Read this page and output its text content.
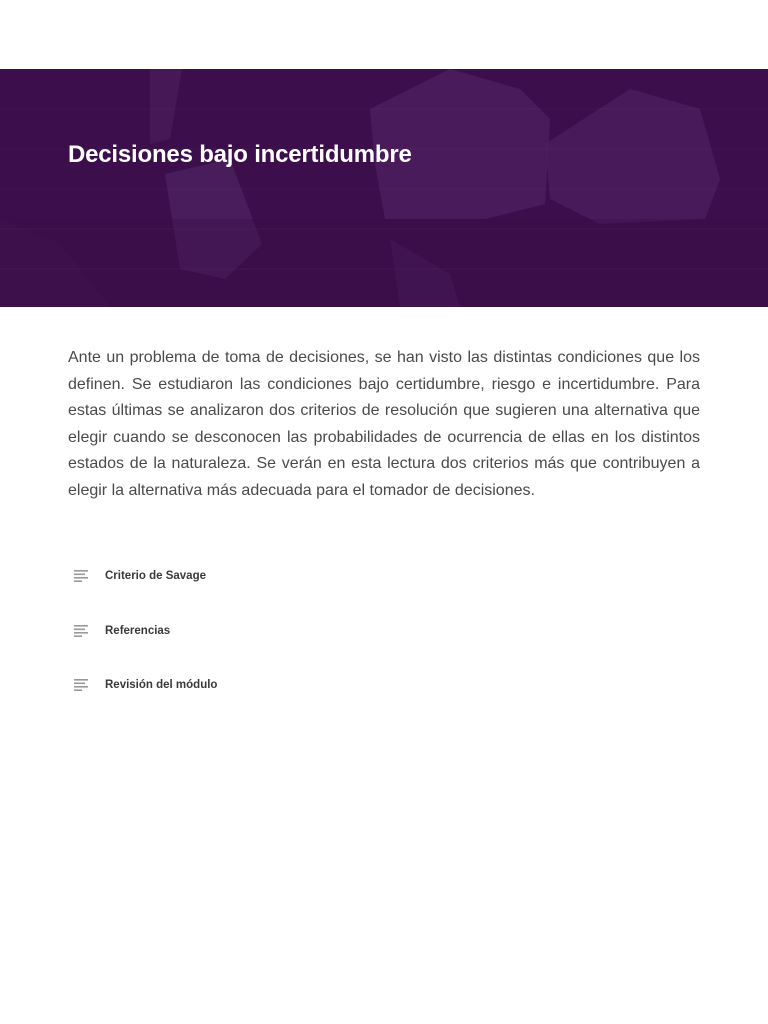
Decisiones bajo incertidumbre

Ante un problema de toma de decisiones, se han visto las distintas condiciones que los definen. Se estudiaron las condiciones bajo certidumbre, riesgo e incertidumbre. Para estas últimas se analizaron dos criterios de resolución que sugieren una alternativa que elegir cuando se desconocen las probabilidades de ocurrencia de ellas en los distintos estados de la naturaleza. Se verán en esta lectura dos criterios más que contribuyen a elegir la alternativa más adecuada para el tomador de decisiones.

Criterio de Savage
Referencias
Revisión del módulo
